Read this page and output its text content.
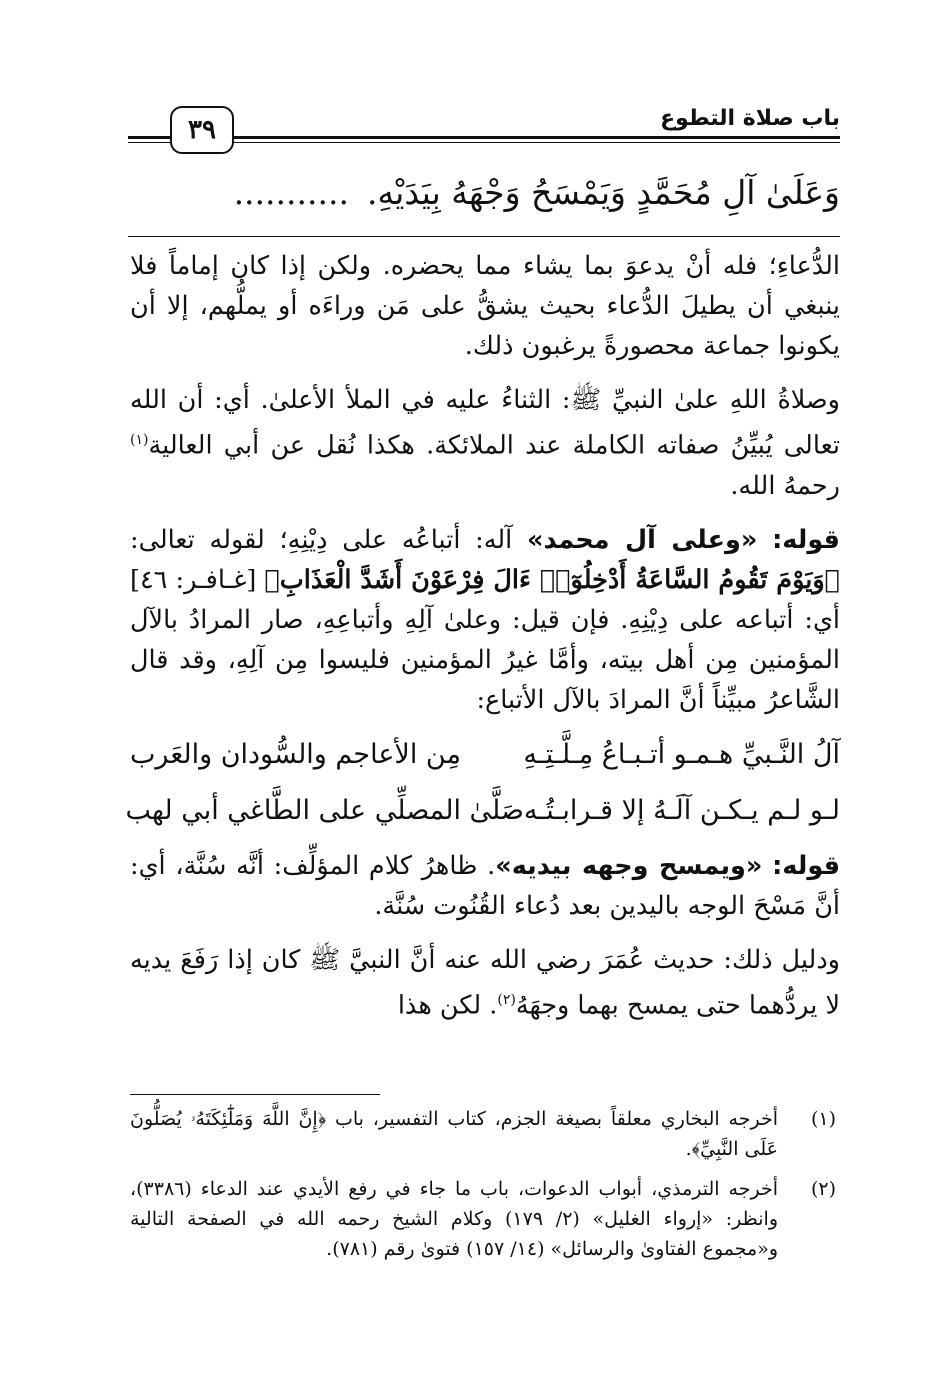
باب صلاة التطوع
٣٩
وَعَلَىٰ آلِ مُحَمَّدٍ وَيَمْسَحُ وَجْهَهُ بِيَدَيْهِ............

الدُّعاءِ؛ فله أنْ يدعوَ بما يشاء مما يحضره. ولكن إذا كان إماماً فلا ينبغي أن يطيلَ الدُّعاء بحيث يشقُّ على مَن وراءَه أو يملُّهم، إلا أن يكونوا جماعة محصورةً يرغبون ذلك.

وصلاةُ اللهِ علىٰ النبيِّ ﷺ: الثناءُ عليه في الملأ الأعلىٰ. أي: أن الله تعالى يُبيِّنُ صفاته الكاملة عند الملائكة. هكذا نُقل عن أبي العالية$^{(١)}$ رحمهُ الله.

قوله: «وعلى آل محمد» آله: أتباعُه على دِيْنِهِ؛ لقوله تعالى: ﴿وَيَوْمَ تَقُومُ السَّاعَةُ أَدْخِلُوٓا۟ ءَالَ فِرْعَوْنَ أَشَدَّ الْعَذَابِ﴾ [غـافـر: ٤٦] أي: أتباعه على دِيْنِهِ. فإن قيل: وعلىٰ آلِهِ وأتباعِهِ، صار المرادُ بالآل المؤمنين مِن أهل بيته، وأمَّا غيرُ المؤمنين فليسوا مِن آلِهِ، وقد قال الشَّاعرُ مبيِّناً أنَّ المرادَ بالآل الأتباع:

آلُ النَّـبيِّ هـمـو أتـبـاعُ مِـلَّـتِـهِ
مِن الأعاجم والسُّودان والعَرب
لـو لـم يـكـن آلَـهُ إلا قـرابـتُـه
صَلَّىٰ المصلِّي على الطَّاغي أبي لهب

قوله: «ويمسح وجهه بيديه». ظاهرُ كلام المؤلِّف: أنَّه سُنَّة، أي: أنَّ مَسْحَ الوجه باليدين بعد دُعاء القُنُوت سُنَّة.

ودليل ذلك: حديث عُمَرَ رضي الله عنه أنَّ النبيَّ ﷺ كان إذا رَفَعَ يديه لا يردُّهما حتى يمسح بهما وجهَهُ$^{(٢)}$. لكن هذا

(١)
أخرجه البخاري معلقاً بصيغة الجزم، كتاب التفسير، باب ﴿إِنَّ اللَّهَ وَمَلَٰٓئِكَتَهُۥ يُصَلُّونَ عَلَى النَّبِيِّ﴾.
(٢)
أخرجه الترمذي، أبواب الدعوات، باب ما جاء في رفع الأيدي عند الدعاء (٣٣٨٦)، وانظر: «إرواء الغليل» (٢/ ١٧٩) وكلام الشيخ رحمه الله في الصفحة التالية و«مجموع الفتاوىٰ والرسائل» (١٤/ ١٥٧) فتوىٰ رقم (٧٨١).
